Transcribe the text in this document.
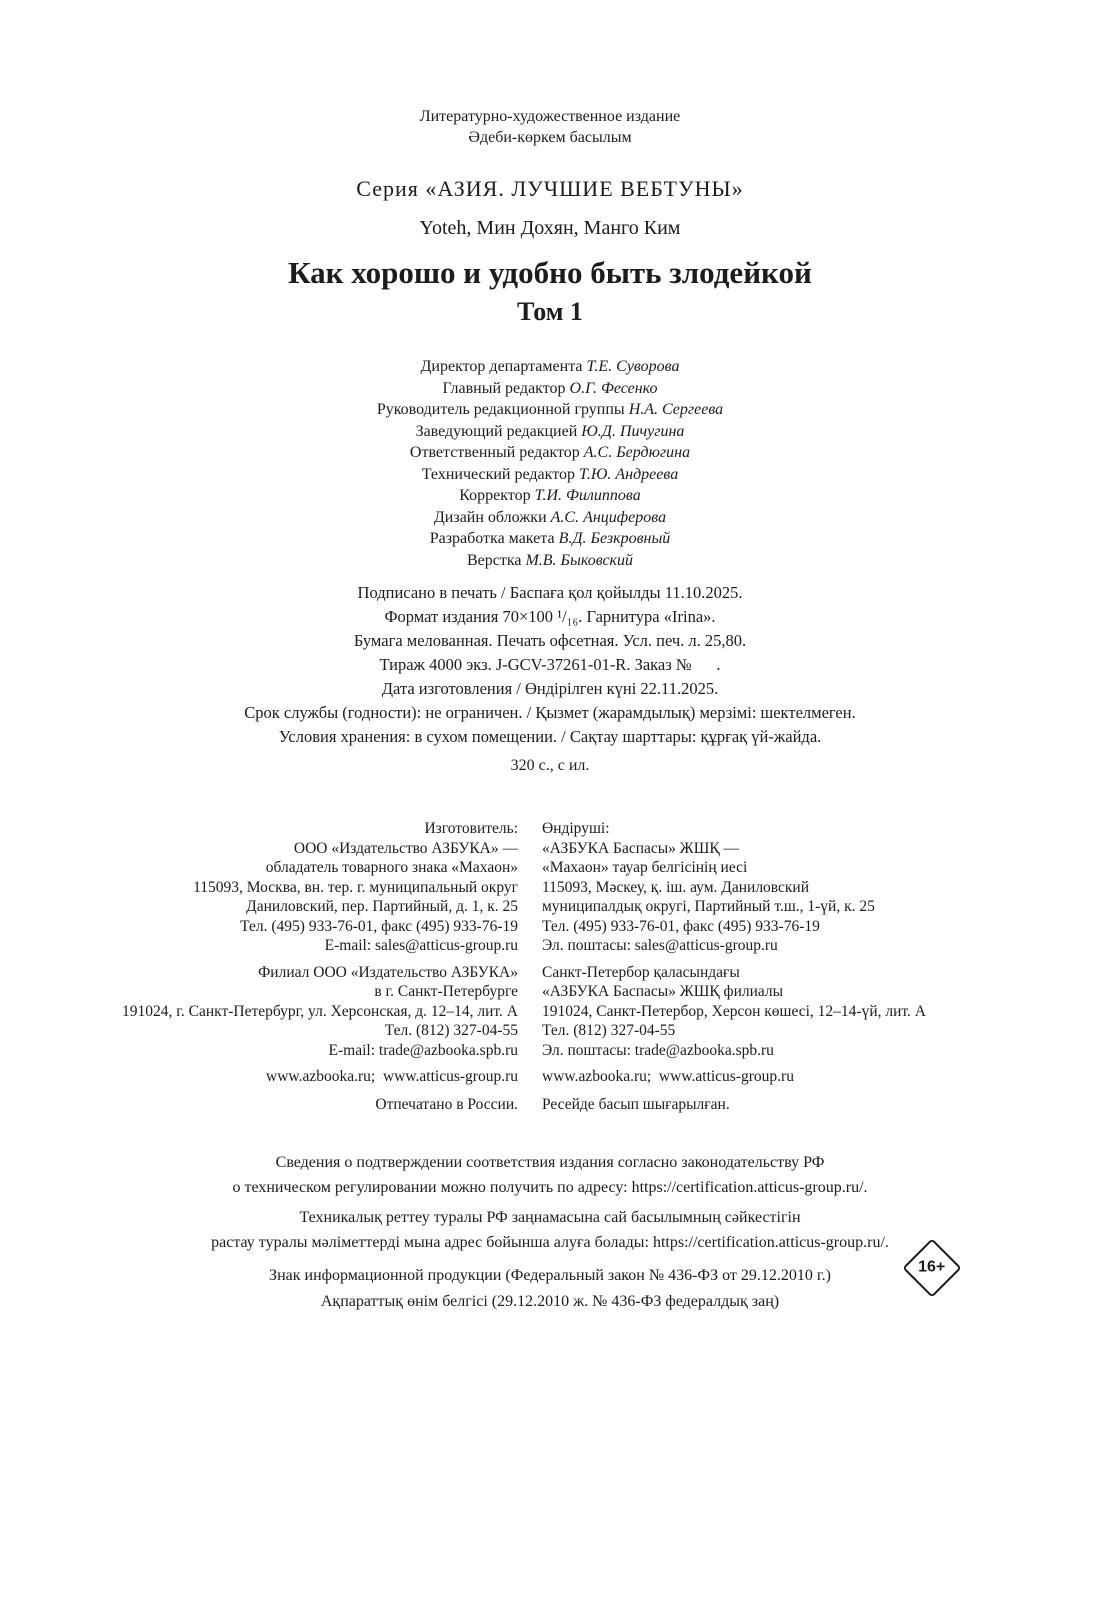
Литературно-художественное издание
Әдеби-көркем басылым
Серия «АЗИЯ. ЛУЧШИЕ ВЕБТУНЫ»
Yoteh, Мин Дохян, Манго Ким
Как хорошо и удобно быть злодейкой
Том 1
Директор департамента Т.Е. Суворова
Главный редактор О.Г. Фесенко
Руководитель редакционной группы Н.А. Сергеева
Заведующий редакцией Ю.Д. Пичугина
Ответственный редактор А.С. Бердюгина
Технический редактор Т.Ю. Андреева
Корректор Т.И. Филиппова
Дизайн обложки А.С. Анциферова
Разработка макета В.Д. Безкровный
Верстка М.В. Быковский
Подписано в печать / Баспаға қол қойылды 11.10.2025.
Формат издания 70×100 ¹/₁₆. Гарнитура «Irina».
Бумага мелованная. Печать офсетная. Усл. печ. л. 25,80.
Тираж 4000 экз. J-GCV-37261-01-R. Заказ №      .
Дата изготовления / Өндірілген күні 22.11.2025.
Срок службы (годности): не ограничен. / Қызмет (жарамдылық) мерзімі: шектелмеген.
Условия хранения: в сухом помещении. / Сақтау шарттары: құрғақ үй-жайда.
320 с., с ил.
Изготовитель:
ООО «Издательство АЗБУКА» —
обладатель товарного знака «Махаон»
115093, Москва, вн. тер. г. муниципальный округ
Даниловский, пер. Партийный, д. 1, к. 25
Тел. (495) 933-76-01, факс (495) 933-76-19
E-mail: sales@atticus-group.ru
Филиал ООО «Издательство АЗБУКА»
в г. Санкт-Петербурге
191024, г. Санкт-Петербург, ул. Херсонская, д. 12–14, лит. А
Тел. (812) 327-04-55
E-mail: trade@azbooka.spb.ru
www.azbooka.ru;  www.atticus-group.ru
Отпечатано в России.
Өндіруші:
«АЗБУКА Баспасы» ЖШҚ —
«Махаон» тауар белгісінің иесі
115093, Мәскеу, қ. іш. аум. Даниловский
муниципалдық округі, Партийный т.ш., 1-үй, к. 25
Тел. (495) 933-76-01, факс (495) 933-76-19
Эл. поштасы: sales@atticus-group.ru
Санкт-Петербор қаласындағы
«АЗБУКА Баспасы» ЖШҚ филиалы
191024, Санкт-Петербор, Херсон көшесі, 12–14-үй, лит. А
Тел. (812) 327-04-55
Эл. поштасы: trade@azbooka.spb.ru
www.azbooka.ru;  www.atticus-group.ru
Ресейде басып шығарылған.
Сведения о подтверждении соответствия издания согласно законодательству РФ
о техническом регулировании можно получить по адресу: https://certification.atticus-group.ru/.
Техникалық реттеу туралы РФ заңнамасына сай басылымның сәйкестігін
растау туралы мәліметтерді мына адрес бойынша алуға болады: https://certification.atticus-group.ru/.
Знак информационной продукции (Федеральный закон № 436-ФЗ от 29.12.2010 г.)
Ақпараттық өнім белгісі (29.12.2010 ж. № 436-ФЗ федералдық заң)
16+
